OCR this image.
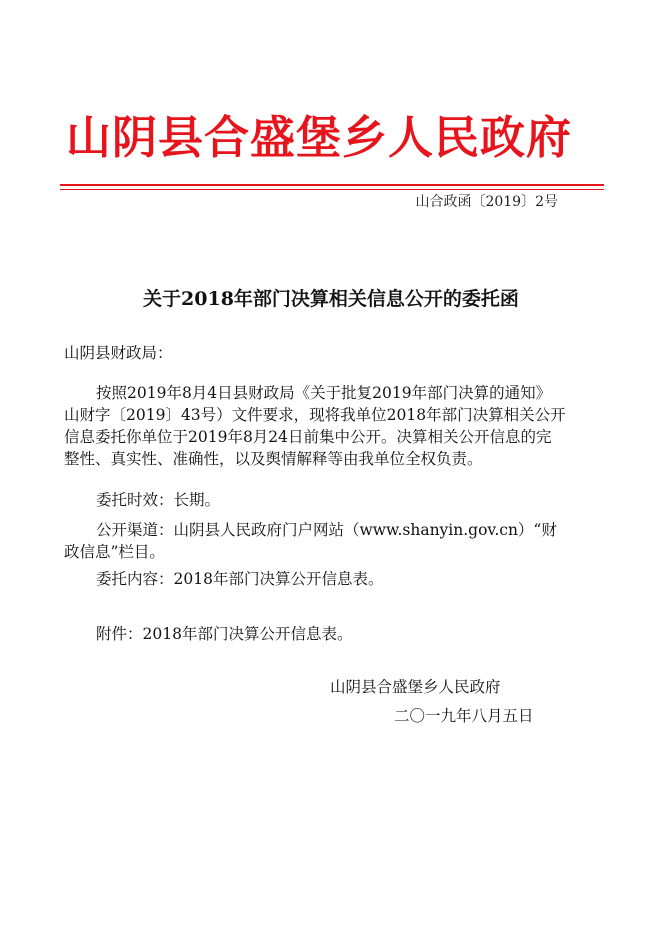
山阴县合盛堡乡人民政府
山合政函〔2019〕2号
关于2018年部门决算相关信息公开的委托函
山阴县财政局：
按照2019年8月4日县财政局《关于批复2019年部门决算的通知》
山财字〔2019〕43号）文件要求，现将我单位2018年部门决算相关公开
信息委托你单位于2019年8月24日前集中公开。决算相关公开信息的完
整性、真实性、准确性，以及舆情解释等由我单位全权负责。
委托时效：长期。
公开渠道：山阴县人民政府门户网站（www.shanyin.gov.cn）“财
政信息”栏目。
委托内容：2018年部门决算公开信息表。
附件：2018年部门决算公开信息表。
山阴县合盛堡乡人民政府
二〇一九年八月五日
